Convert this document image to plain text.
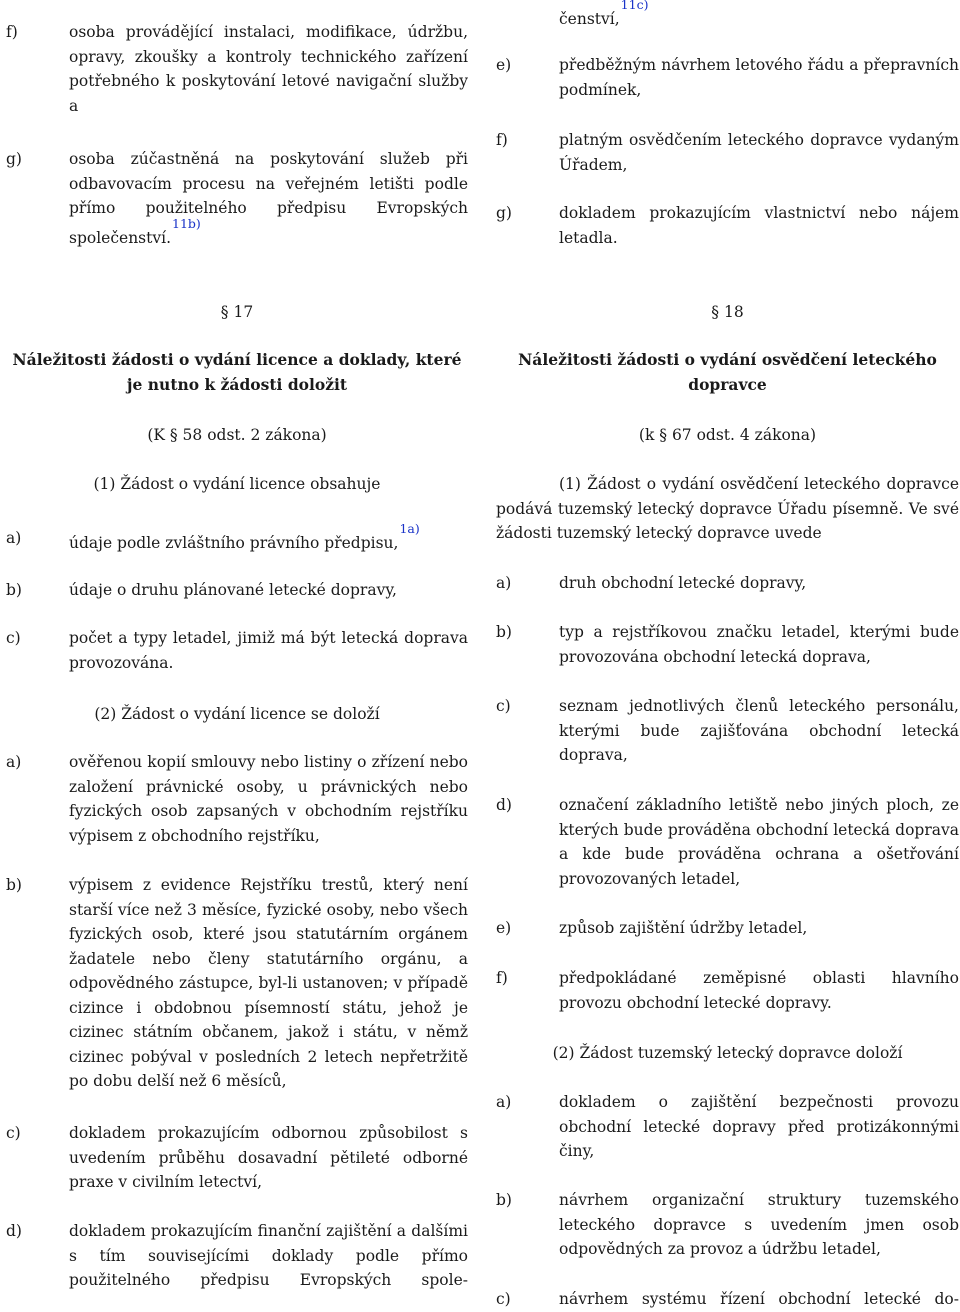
f)	osoba provádějící instalaci, modifikace, údržbu, opravy, zkoušky a kontroly technického zařízení potřebného k poskytování letové navigační služby a
g)	osoba zúčastněná na poskytování služeb při odbavovacím procesu na veřejném letišti podle přímo použitelného předpisu Evropských společenství.$^{11b)}$
§ 17
Náležitosti žádosti o vydání licence a doklady, které je nutno k žádosti doložit
(K § 58 odst. 2 zákona)
(1) Žádost o vydání licence obsahuje
a)	údaje podle zvláštního právního předpisu,$^{1a)}$
b)	údaje o druhu plánované letecké dopravy,
c)	počet a typy letadel, jimiž má být letecká doprava provozována.
(2) Žádost o vydání licence se doloží
a)	ověřenou kopií smlouvy nebo listiny o zřízení nebo založení právnické osoby, u právnických nebo fyzických osob zapsaných v obchodním rejstříku výpisem z obchodního rejstříku,
b)	výpisem z evidence Rejstříku trestů, který není starší více než 3 měsíce, fyzické osoby, nebo všech fyzických osob, které jsou statutárním orgánem žadatele nebo členy statutárního orgánu, a odpovědného zástupce, byl-li ustanoven; v případě cizince i obdobnou písemností státu, jehož je cizinec státním občanem, jakož i státu, v němž cizinec pobýval v posledních 2 letech nepřetržitě po dobu delší než 6 měsíců,
c)	dokladem prokazujícím odbornou způsobilost s uvedením průběhu dosavadní pětileté odborné praxe v civilním letectví,
d)	dokladem prokazujícím finanční zajištění a dalšími s tím souvisejícími doklady podle přímo použitelného předpisu Evropských spole-
čenství,$^{11c)}$
e)	předběžným návrhem letového řádu a přepravních podmínek,
f)	platným osvědčením leteckého dopravce vydaným Úřadem,
g)	dokladem prokazujícím vlastnictví nebo nájem letadla.
§ 18
Náležitosti žádosti o vydání osvědčení leteckého dopravce
(k § 67 odst. 4 zákona)
(1) Žádost o vydání osvědčení leteckého dopravce podává tuzemský letecký dopravce Úřadu písemně. Ve své žádosti tuzemský letecký dopravce uvede
a)	druh obchodní letecké dopravy,
b)	typ a rejstříkovou značku letadel, kterými bude provozována obchodní letecká doprava,
c)	seznam jednotlivých členů leteckého personálu, kterými bude zajišťována obchodní letecká doprava,
d)	označení základního letiště nebo jiných ploch, ze kterých bude prováděna obchodní letecká doprava a kde bude prováděna ochrana a ošetřování provozovaných letadel,
e)	způsob zajištění údržby letadel,
f)	předpokládané zeměpisné oblasti hlavního provozu obchodní letecké dopravy.
(2) Žádost tuzemský letecký dopravce doloží
a)	dokladem o zajištění bezpečnosti provozu obchodní letecké dopravy před protizákonnými činy,
b)	návrhem organizační struktury tuzemského leteckého dopravce s uvedením jmen osob odpovědných za provoz a údržbu letadel,
c)	návrhem systému řízení obchodní letecké do-
